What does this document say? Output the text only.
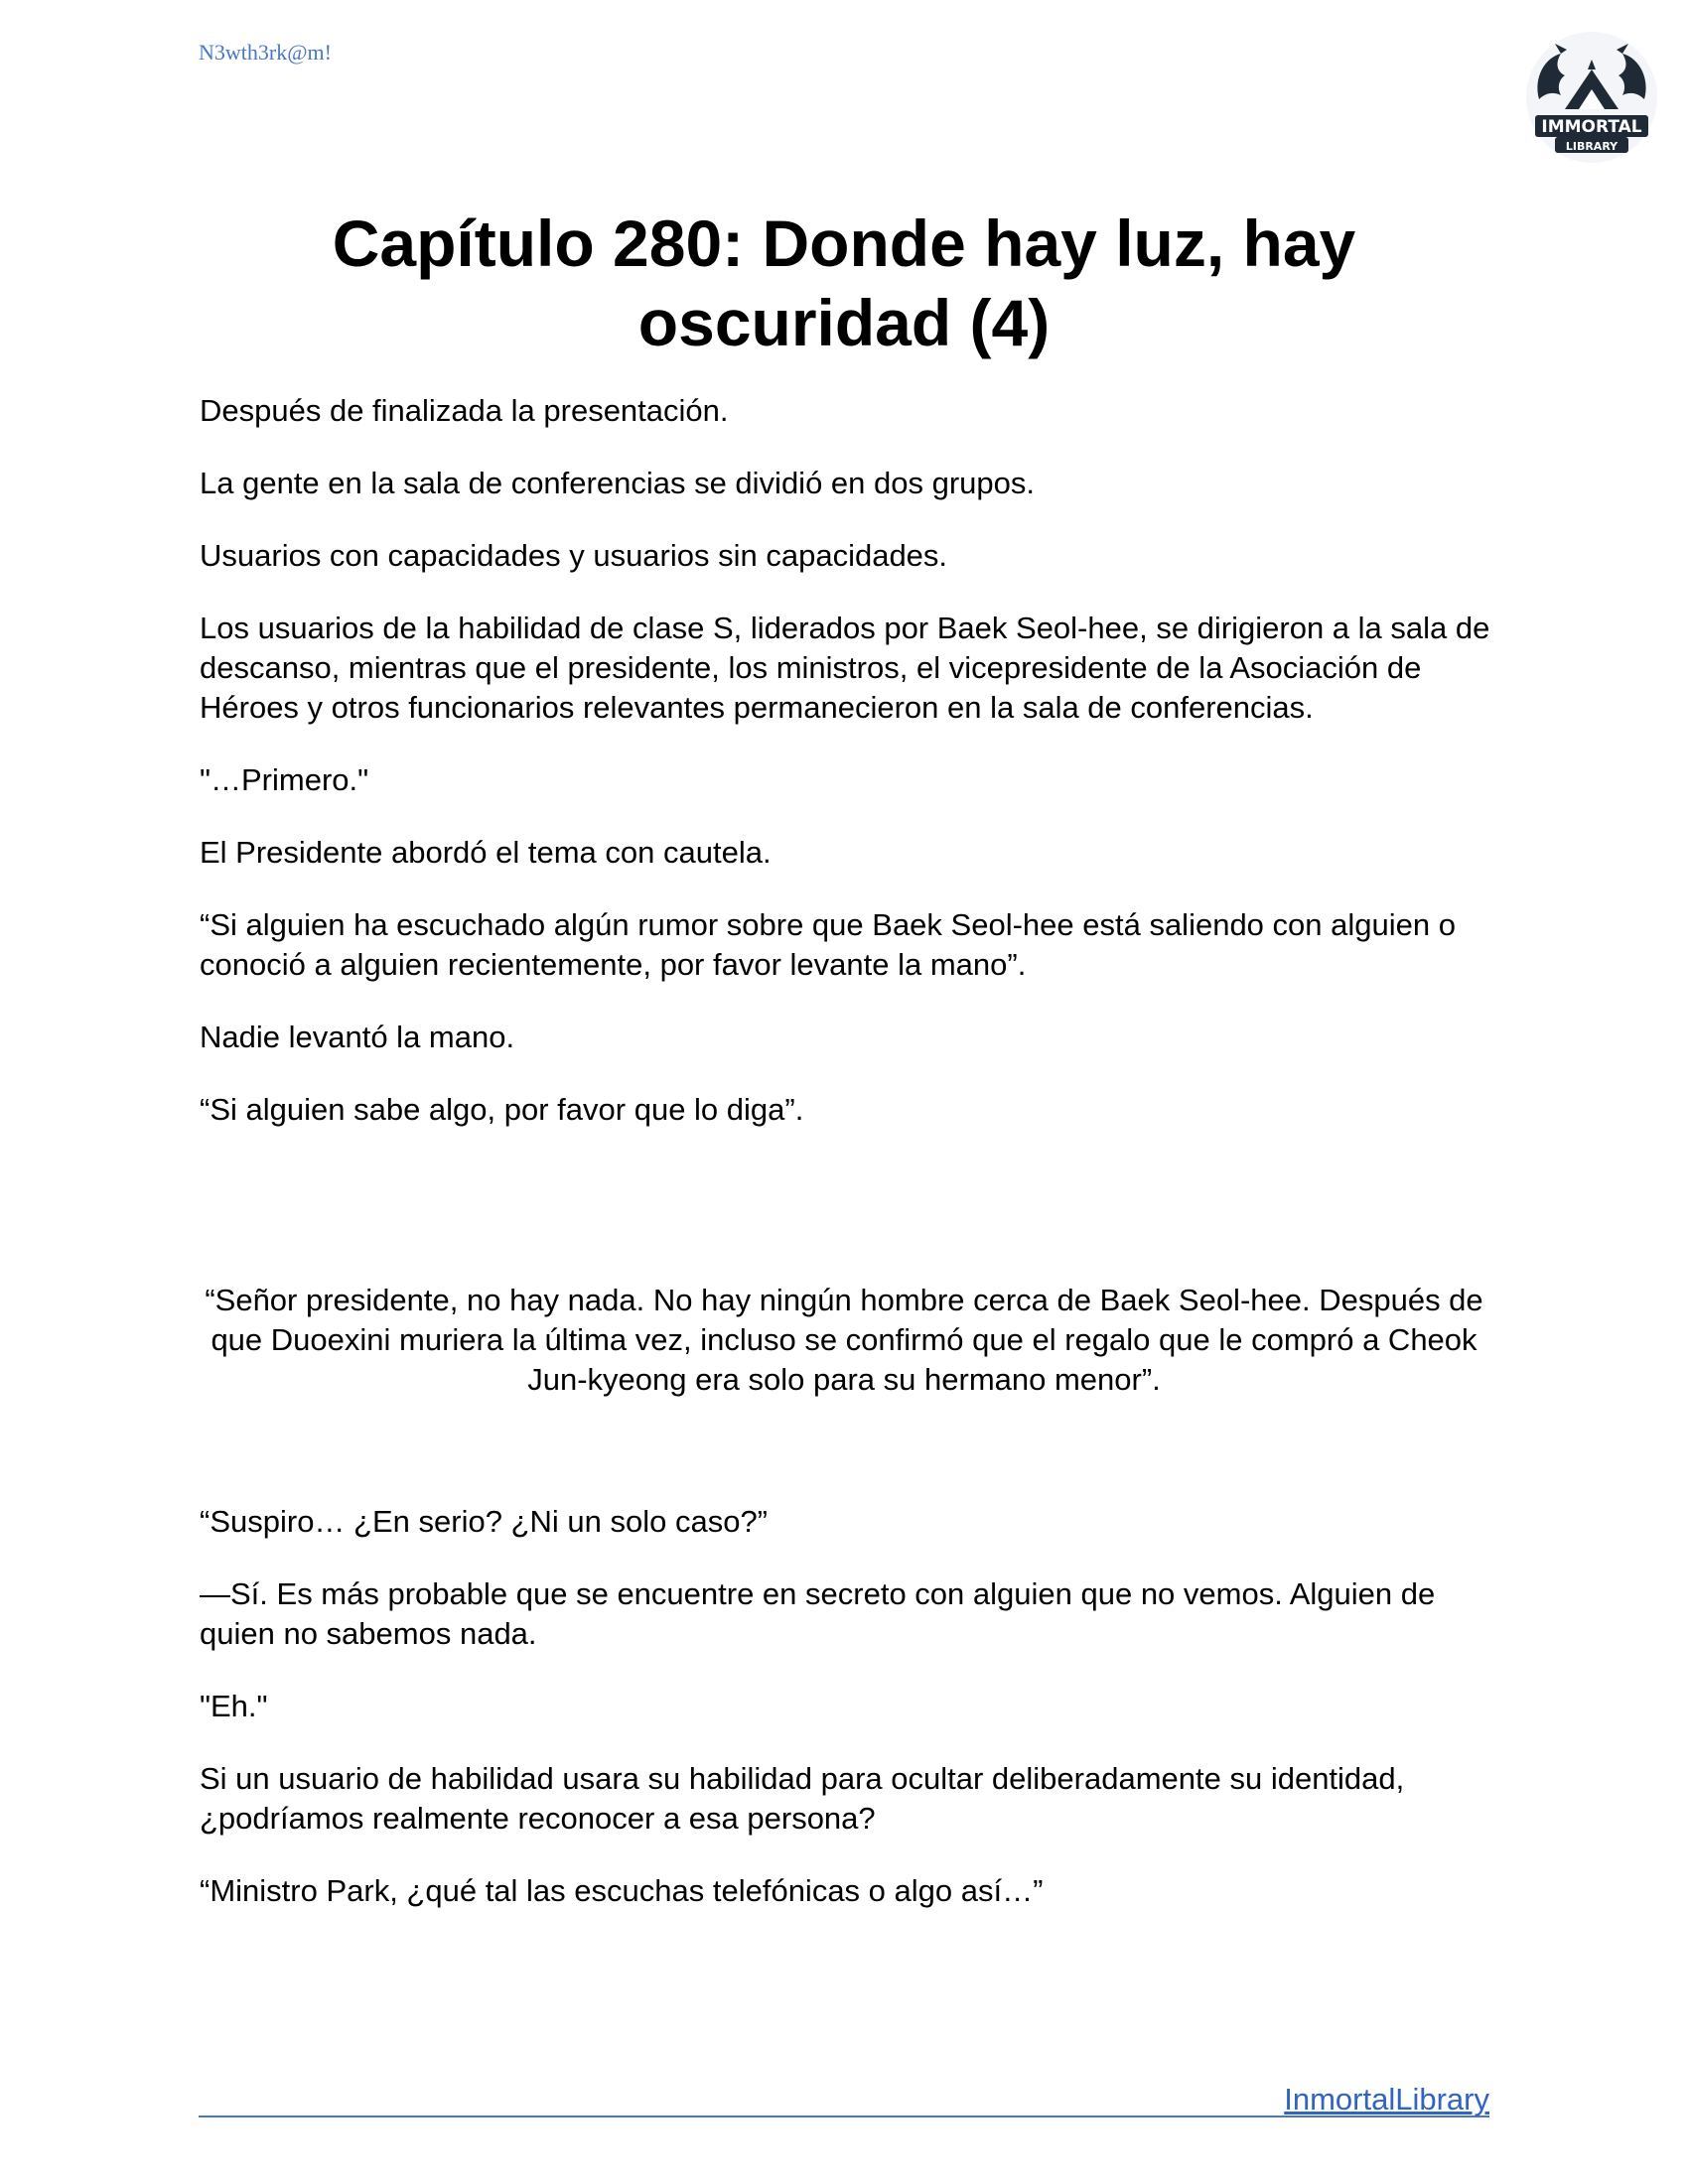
N3wth3rk@m!
IMMORTAL
LIBRARY
Capítulo 280: Donde hay luz, hay oscuridad (4)

Después de finalizada la presentación.

La gente en la sala de conferencias se dividió en dos grupos.

Usuarios con capacidades y usuarios sin capacidades.

Los usuarios de la habilidad de clase S, liderados por Baek Seol-hee, se dirigieron a la sala de descanso, mientras que el presidente, los ministros, el vicepresidente de la Asociación de Héroes y otros funcionarios relevantes permanecieron en la sala de conferencias.

"…Primero."

El Presidente abordó el tema con cautela.

“Si alguien ha escuchado algún rumor sobre que Baek Seol-hee está saliendo con alguien o conoció a alguien recientemente, por favor levante la mano”.

Nadie levantó la mano.

“Si alguien sabe algo, por favor que lo diga”.

“Señor presidente, no hay nada. No hay ningún hombre cerca de Baek Seol-hee. Después de que Duoexini muriera la última vez, incluso se confirmó que el regalo que le compró a Cheok Jun-kyeong era solo para su hermano menor”.

“Suspiro… ¿En serio? ¿Ni un solo caso?”

—Sí. Es más probable que se encuentre en secreto con alguien que no vemos. Alguien de quien no sabemos nada.

"Eh."

Si un usuario de habilidad usara su habilidad para ocultar deliberadamente su identidad, ¿podríamos realmente reconocer a esa persona?

“Ministro Park, ¿qué tal las escuchas telefónicas o algo así…”

InmortalLibrary
